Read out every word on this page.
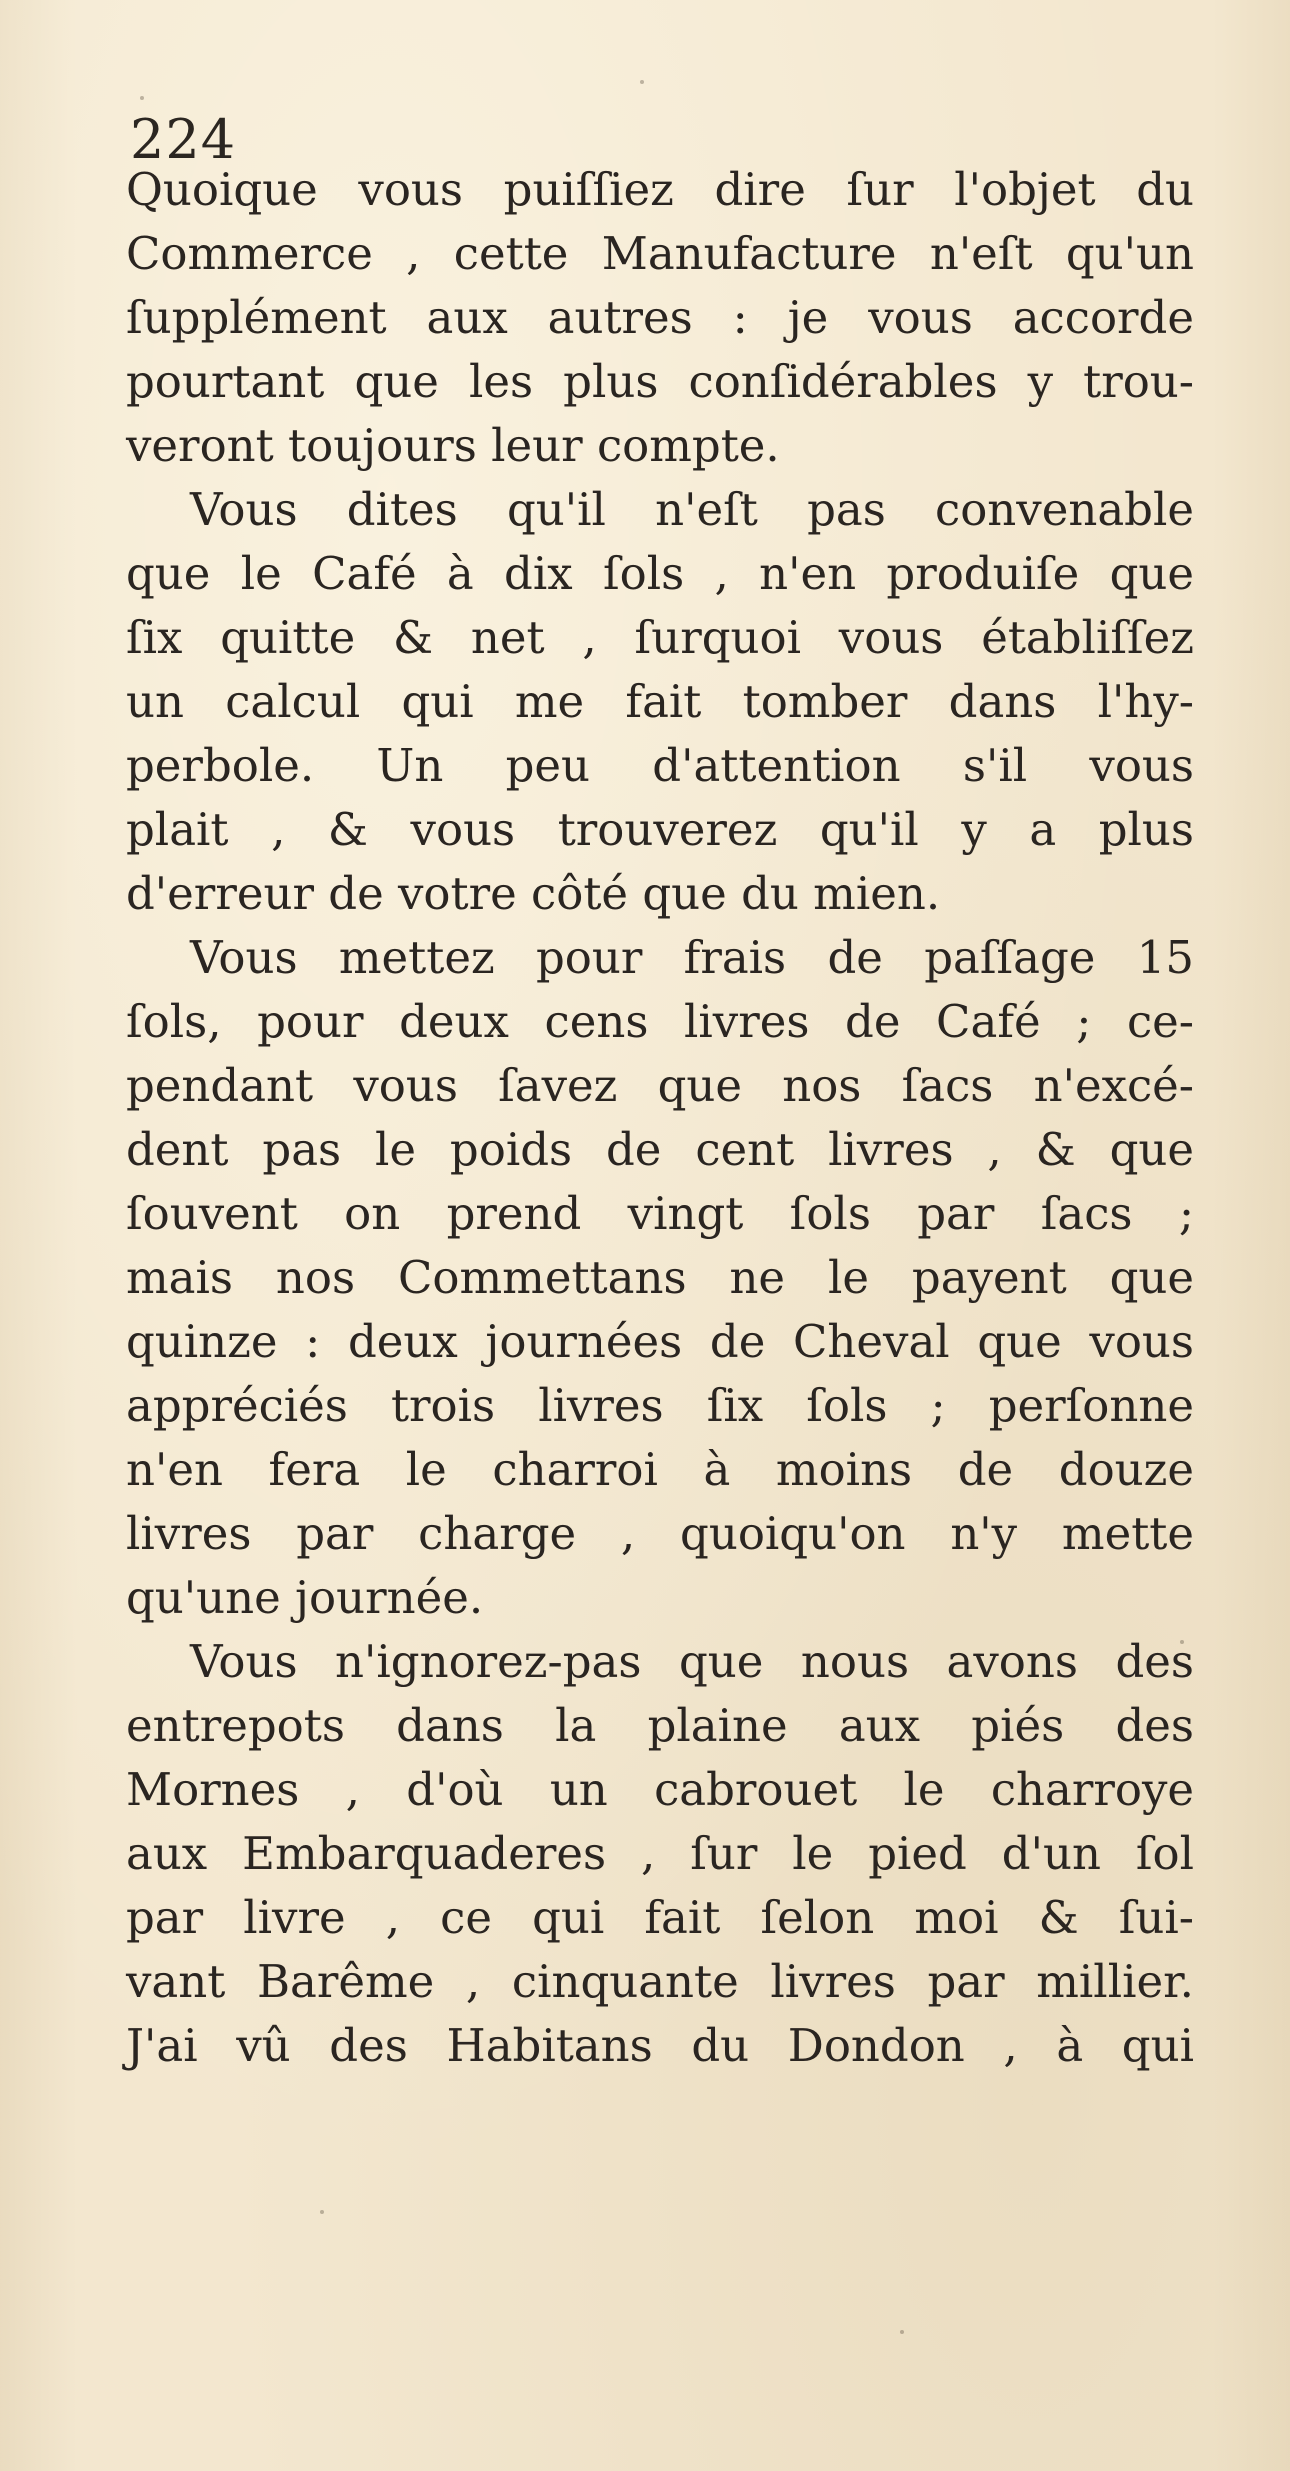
224
Quoique vous puiſſiez dire ſur l'objet du
Commerce , cette Manufacture n'eſt qu'un
ſupplément aux autres : je vous accorde
pourtant que les plus conſidérables y trou-
veront toujours leur compte.
Vous dites qu'il n'eſt pas convenable
que le Café à dix ſols , n'en produiſe que
ſix quitte & net , ſurquoi vous établiſſez
un calcul qui me fait tomber dans l'hy-
perbole. Un peu d'attention s'il vous
plait , & vous trouverez qu'il y a plus
d'erreur de votre côté que du mien.
Vous mettez pour frais de paſſage 15
ſols, pour deux cens livres de Café ; ce-
pendant vous ſavez que nos ſacs n'excé-
dent pas le poids de cent livres , & que
ſouvent on prend vingt ſols par ſacs ;
mais nos Commettans ne le payent que
quinze : deux journées de Cheval que vous
appréciés trois livres ſix ſols ; perſonne
n'en fera le charroi à moins de douze
livres par charge , quoiqu'on n'y mette
qu'une journée.
Vous n'ignorez-pas que nous avons des
entrepots dans la plaine aux piés des
Mornes , d'où un cabrouet le charroye
aux Embarquaderes , ſur le pied d'un ſol
par livre , ce qui fait ſelon moi & ſui-
vant Barême , cinquante livres par millier.
J'ai vû des Habitans du Dondon , à qui
